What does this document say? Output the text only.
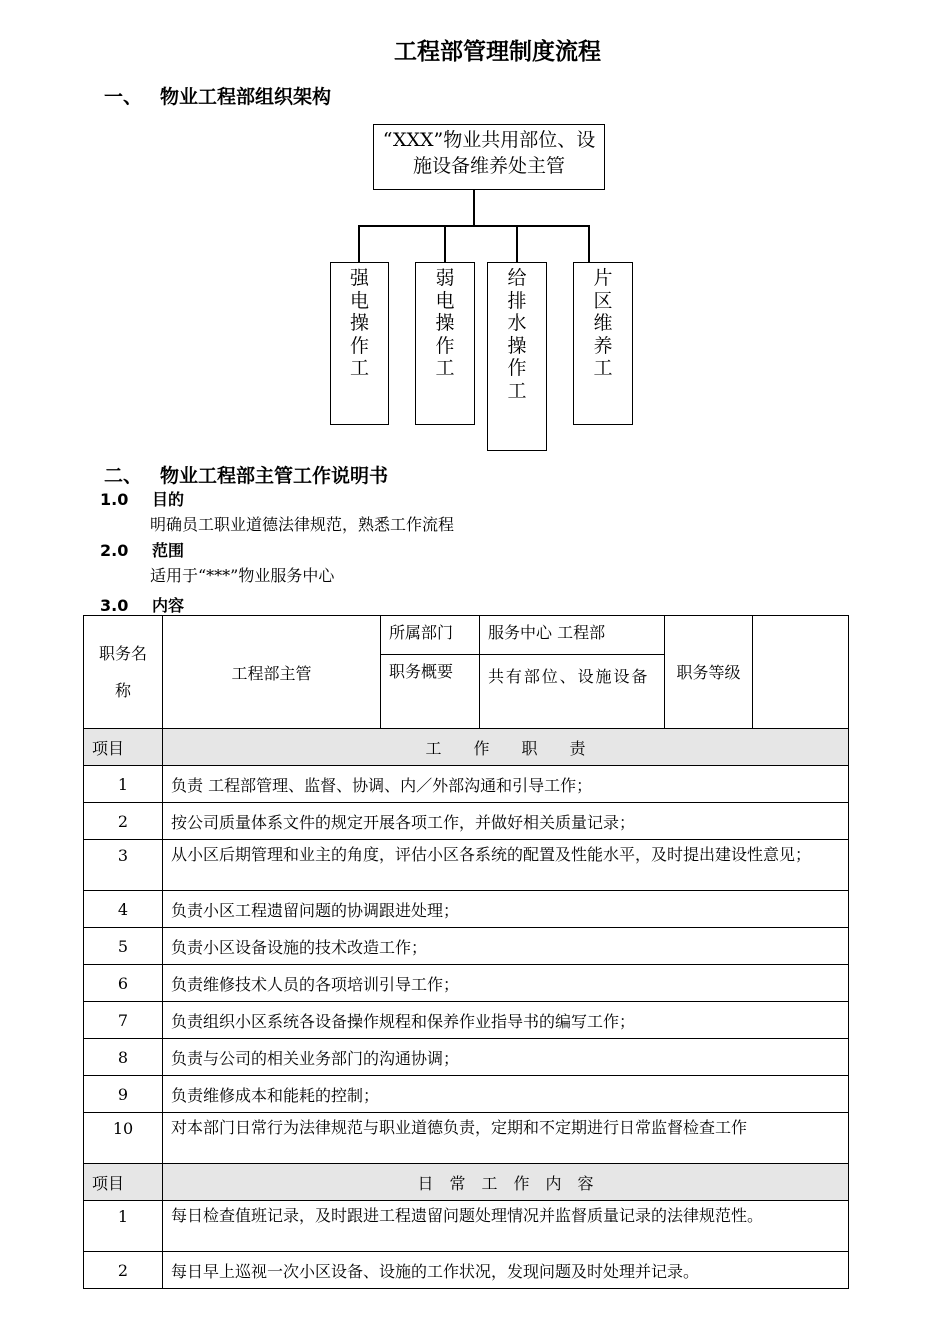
工程部管理制度流程
一、 物业工程部组织架构
“XXX”物业共用部位、设施设备维养处主管
强
电
操
作
工
弱
电
操
作
工
给
排
水
操
作
工
片
区
维
养
工
二、 物业工程部主管工作说明书
1.0 目的
明确员工职业道德法律规范，熟悉工作流程
2.0 范围
适用于“***”物业服务中心
3.0 内容
职务名称	工程部主管	所属部门	服务中心 工程部	职务等级	
		职务概要	共有部位、设施设备		
项目	工　　作　　职　　责				
1	负责 工程部管理、监督、协调、内／外部沟通和引导工作；				
2	按公司质量体系文件的规定开展各项工作，并做好相关质量记录；				
3	从小区后期管理和业主的角度，评估小区各系统的配置及性能水平，及时提出建设性意见；				
4	负责小区工程遗留问题的协调跟进处理；				
5	负责小区设备设施的技术改造工作；				
6	负责维修技术人员的各项培训引导工作；				
7	负责组织小区系统各设备操作规程和保养作业指导书的编写工作；				
8	负责与公司的相关业务部门的沟通协调；				
9	负责维修成本和能耗的控制；				
10	对本部门日常行为法律规范与职业道德负责，定期和不定期进行日常监督检查工作				
项目	日　常　工　作　内　容				
1	每日检查值班记录，及时跟进工程遗留问题处理情况并监督质量记录的法律规范性。				
2	每日早上巡视一次小区设备、设施的工作状况，发现问题及时处理并记录。				
